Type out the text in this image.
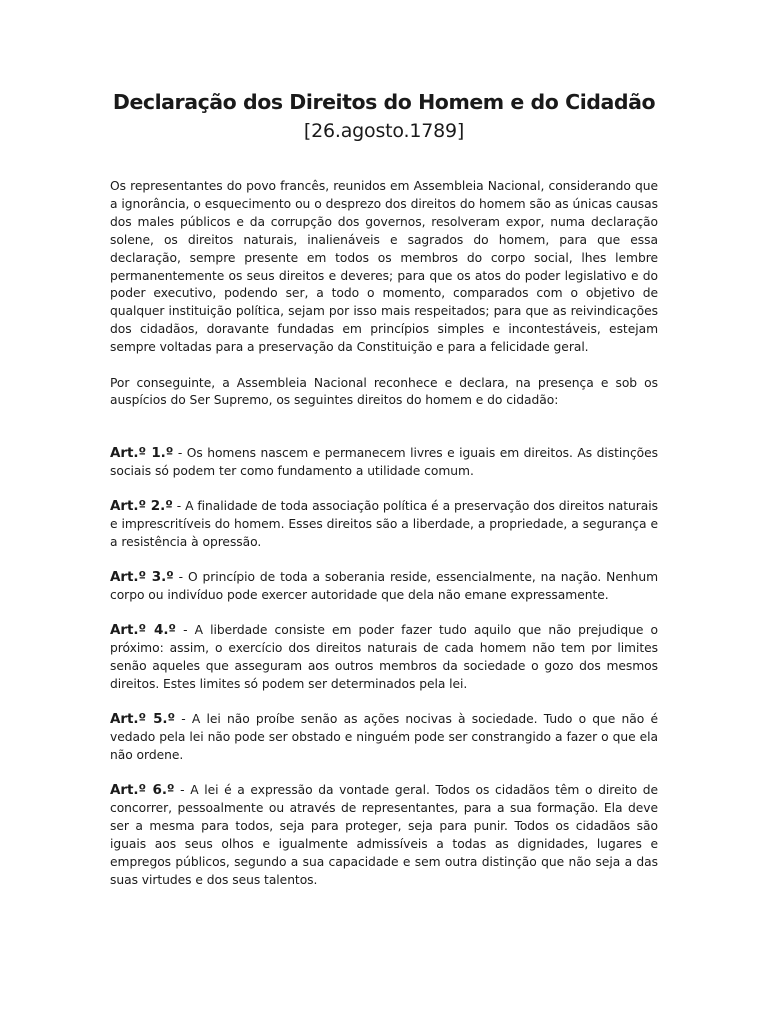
Declaração dos Direitos do Homem e do Cidadão
[26.agosto.1789]

Os representantes do povo francês, reunidos em Assembleia Nacional, considerando que a ignorância, o esquecimento ou o desprezo dos direitos do homem são as únicas causas dos males públicos e da corrupção dos governos, resolveram expor, numa declaração solene, os direitos naturais, inalienáveis e sagrados do homem, para que essa declaração, sempre presente em todos os membros do corpo social, lhes lembre permanentemente os seus direitos e deveres; para que os atos do poder legislativo e do poder executivo, podendo ser, a todo o momento, comparados com o objetivo de qualquer instituição política, sejam por isso mais respeitados; para que as reivindicações dos cidadãos, doravante fundadas em princípios simples e incontestáveis, estejam sempre voltadas para a preservação da Constituição e para a felicidade geral.

Por conseguinte, a Assembleia Nacional reconhece e declara, na presença e sob os auspícios do Ser Supremo, os seguintes direitos do homem e do cidadão:

Art.º 1.º - Os homens nascem e permanecem livres e iguais em direitos. As distinções sociais só podem ter como fundamento a utilidade comum.

Art.º 2.º - A finalidade de toda associação política é a preservação dos direitos naturais e imprescritíveis do homem. Esses direitos são a liberdade, a propriedade, a segurança e a resistência à opressão.

Art.º 3.º - O princípio de toda a soberania reside, essencialmente, na nação. Nenhum corpo ou indivíduo pode exercer autoridade que dela não emane expressamente.

Art.º 4.º - A liberdade consiste em poder fazer tudo aquilo que não prejudique o próximo: assim, o exercício dos direitos naturais de cada homem não tem por limites senão aqueles que asseguram aos outros membros da sociedade o gozo dos mesmos direitos. Estes limites só podem ser determinados pela lei.

Art.º 5.º - A lei não proíbe senão as ações nocivas à sociedade. Tudo o que não é vedado pela lei não pode ser obstado e ninguém pode ser constrangido a fazer o que ela não ordene.

Art.º 6.º - A lei é a expressão da vontade geral. Todos os cidadãos têm o direito de concorrer, pessoalmente ou através de representantes, para a sua formação. Ela deve ser a mesma para todos, seja para proteger, seja para punir. Todos os cidadãos são iguais aos seus olhos e igualmente admissíveis a todas as dignidades, lugares e empregos públicos, segundo a sua capacidade e sem outra distinção que não seja a das suas virtudes e dos seus talentos.
